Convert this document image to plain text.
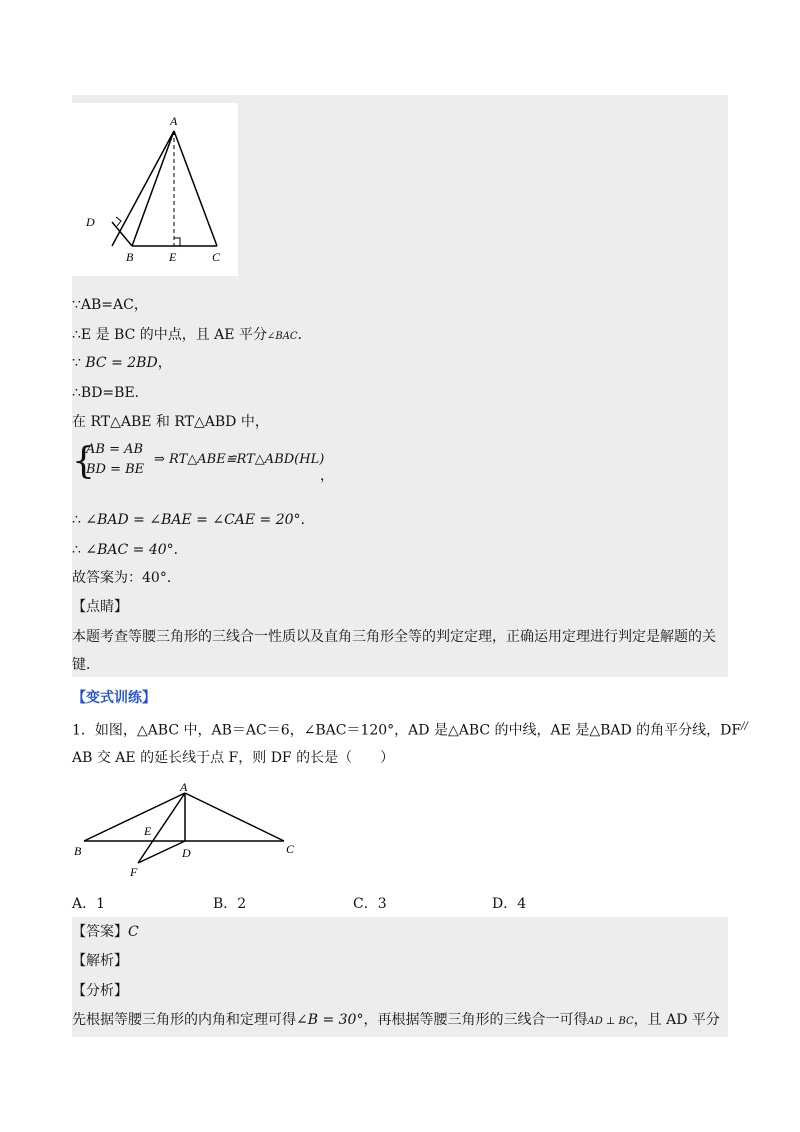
A
D
B	E	C
∵AB=AC，
∴E 是 BC 的中点，且 AE 平分∠BAC．
∵ BC = 2BD，
∴BD=BE．
在 RT△ABE 和 RT△ABD 中，
{
AB = AB
BD = BE
⇒ RT△ABE≌RT△ABD(HL)
，
∴ ∠BAD = ∠BAE = ∠CAE = 20°．
∴ ∠BAC = 40°．
故答案为：40°．
【点睛】
本题考查等腰三角形的三线合一性质以及直角三角形全等的判定定理，正确运用定理进行判定是解题的关
键．
【变式训练】
1．如图，△ABC 中，AB＝AC＝6，∠BAC＝120°，AD 是△ABC 的中线，AE 是△BAD 的角平分线，DF//
AB 交 AE 的延长线于点 F，则 DF 的长是（　　）
A
B	C
D
E
F
A．1	B．2	C．3	D．4
【答案】C
【解析】
【分析】
先根据等腰三角形的内角和定理可得∠B = 30°，再根据等腰三角形的三线合一可得AD ⊥ BC，且 AD 平分
